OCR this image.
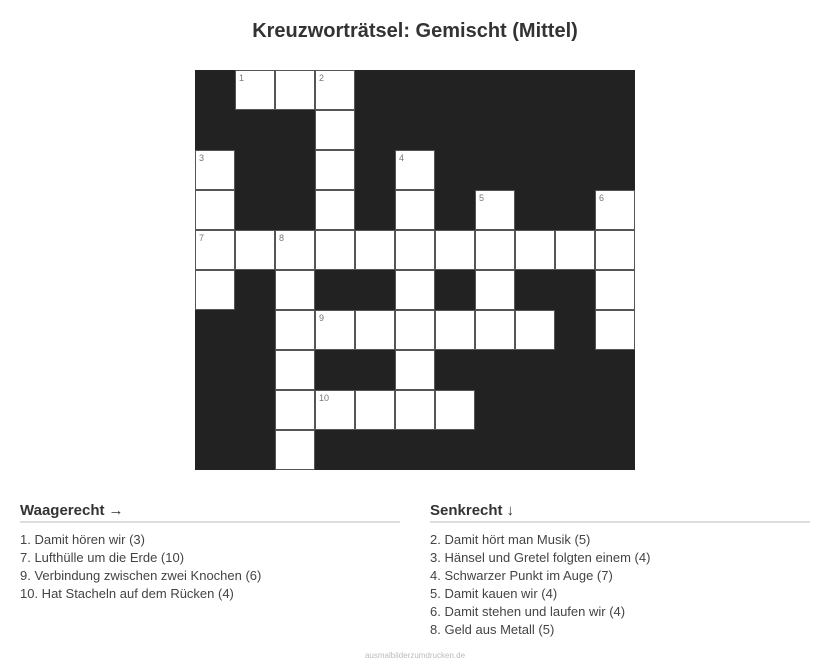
Kreuzworträtsel: Gemischt (Mittel)
1	2
3	4
5	6
7	8
9
10
Waagerecht →
1. Damit hören wir (3)
7. Lufthülle um die Erde (10)
9. Verbindung zwischen zwei Knochen (6)
10. Hat Stacheln auf dem Rücken (4)
Senkrecht ↓
2. Damit hört man Musik (5)
3. Hänsel und Gretel folgten einem (4)
4. Schwarzer Punkt im Auge (7)
5. Damit kauen wir (4)
6. Damit stehen und laufen wir (4)
8. Geld aus Metall (5)
ausmalbilderzumdrucken.de
